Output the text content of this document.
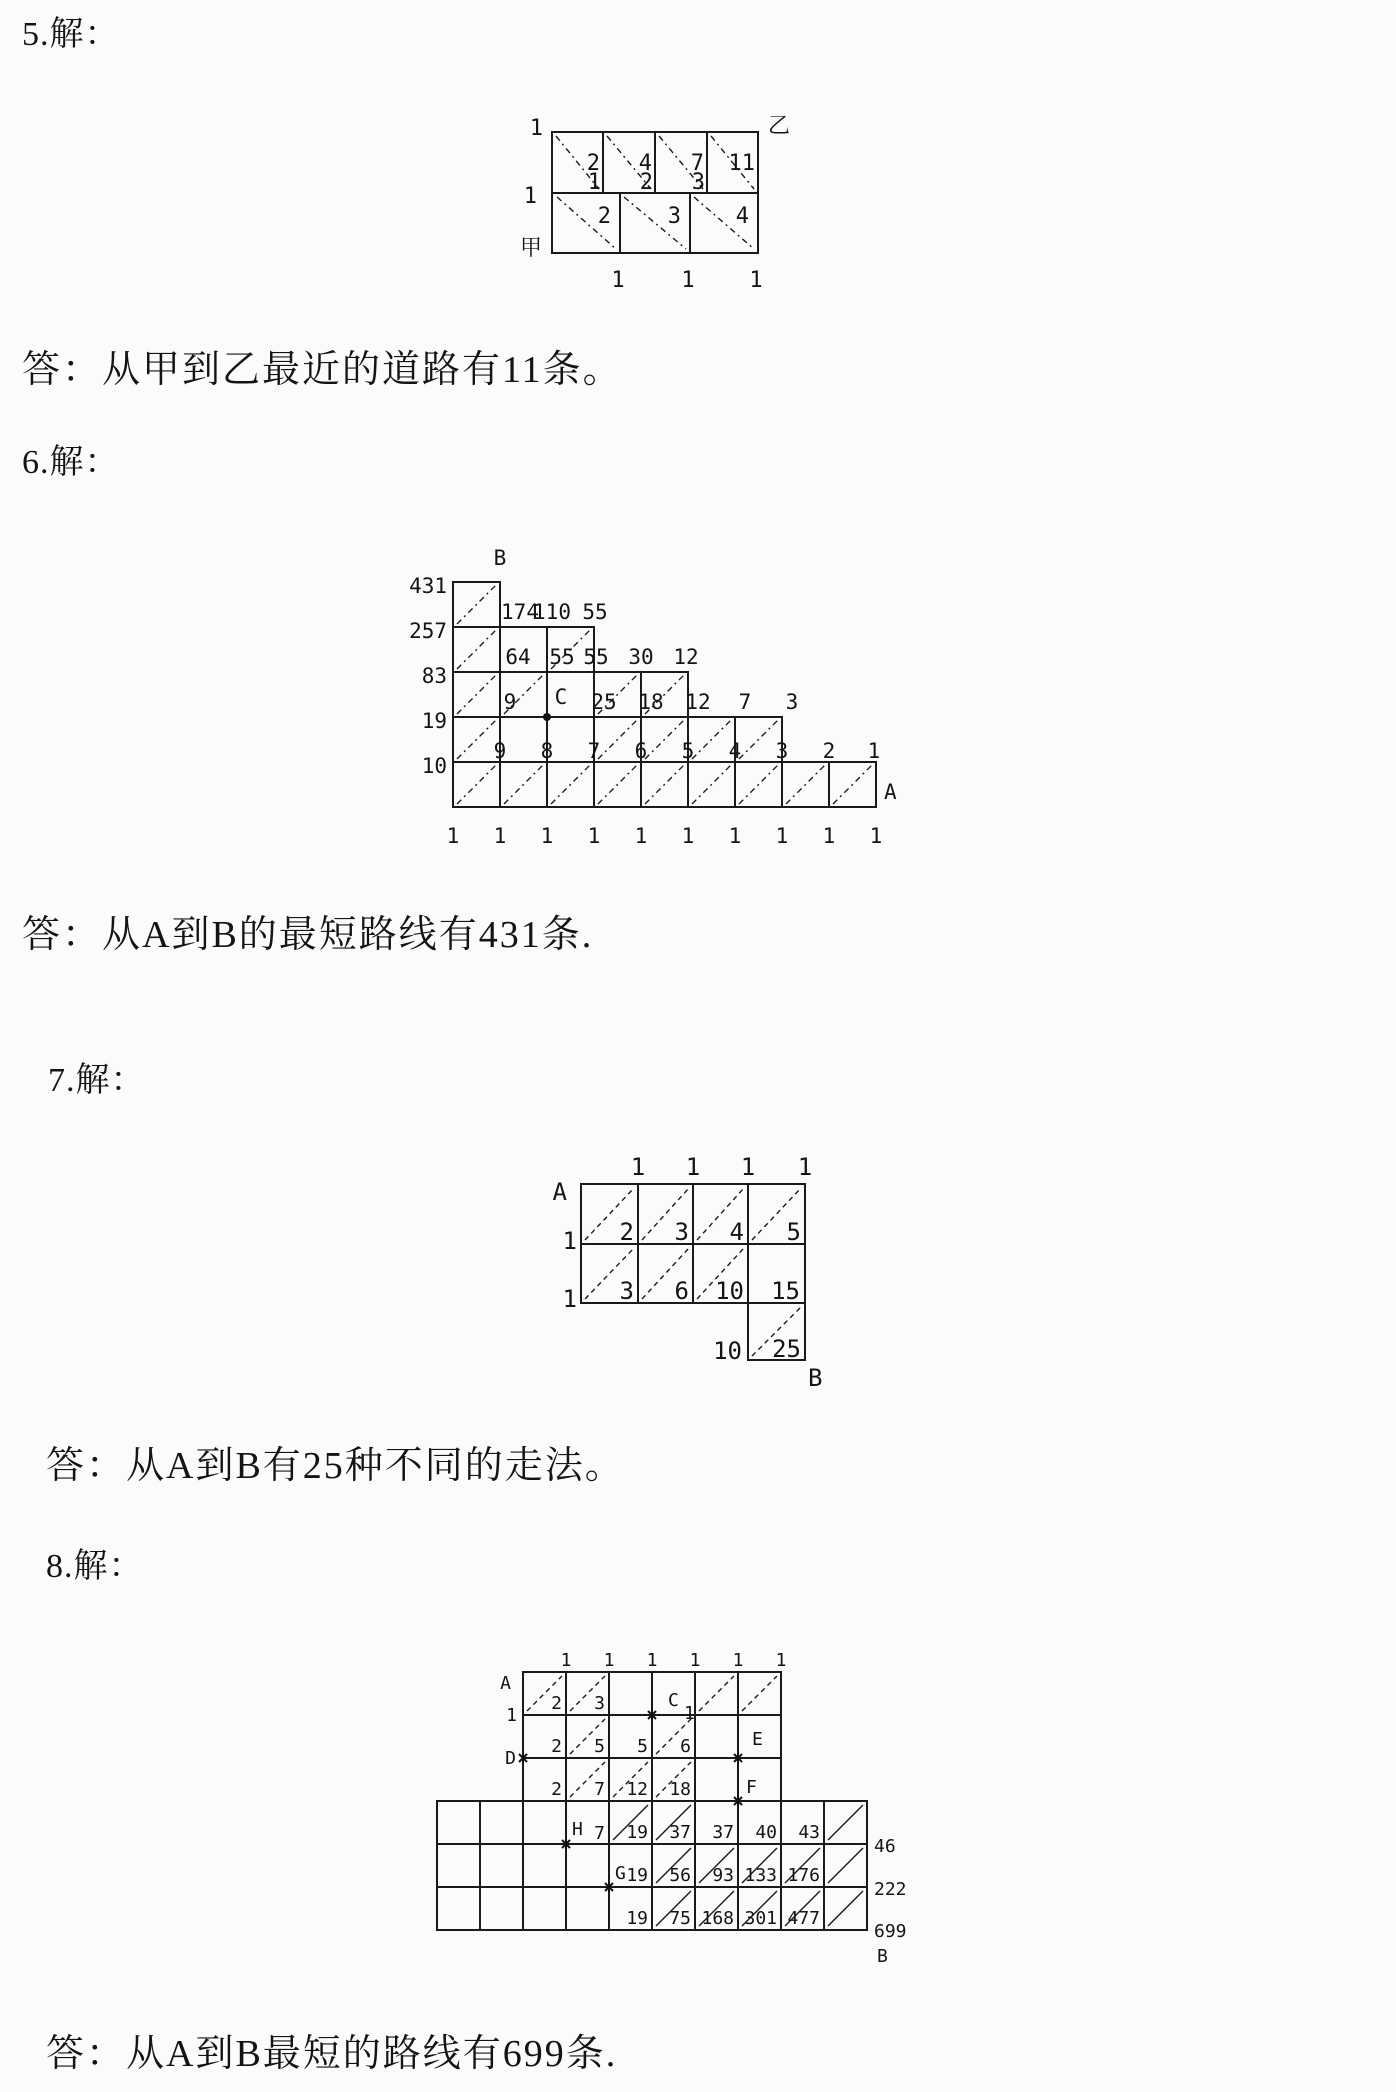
5.解：
乙
甲
1
1
2 4 7 11
1 2 3
2	3 4
1	1 1
答：从甲到乙最近的道路有11条。
6.解：
B
A
431
257
83
19
10
174
110 55
64 55 55 30 12
9 C 25 18 12 7 3
9 8 7 6 5 4 3 2 1
1 1 1 1 1 1 1 1 1 1
答：从A到B的最短路线有431条.
7.解：
A
B
1 1 1 1
1
1
2 3 4 5
3 6 10 15
10 25
答：从A到B有25种不同的走法。
8.解：
A
B
1 1 1 1 1 1
1
D
C
1
E
F
H
G
2 3
2 5 5 6
2 7 12 18
7 19 37 37 40 43
46
19 56 93 133 176
222
19 75 168 301 477
699
答：从A到B最短的路线有699条.
